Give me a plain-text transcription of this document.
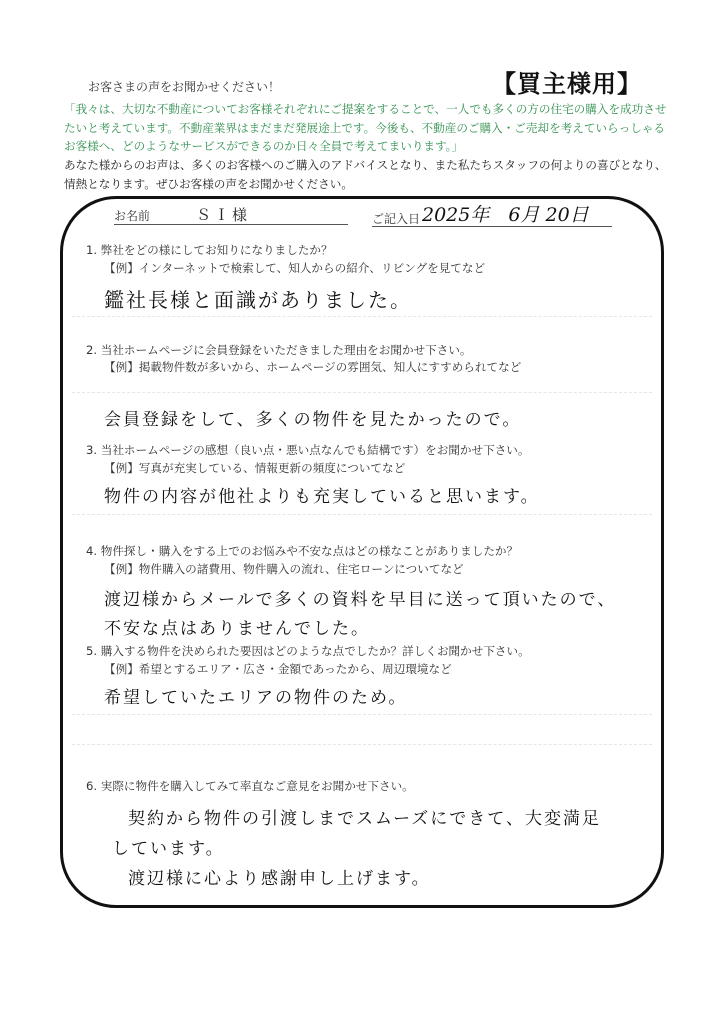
お客さまの声をお聞かせください！	【買主様用】

「我々は、大切な不動産についてお客様それぞれにご提案をすることで、一人でも多くの方の住宅の購入を成功させたいと考えています。不動産業界はまだまだ発展途上です。今後も、不動産のご購入・ご売却を考えていらっしゃるお客様へ、どのようなサービスができるのか日々全員で考えてまいります。」

あなた様からのお声は、多くのお客様へのご購入のアドバイスとなり、また私たちスタッフの何よりの喜びとなり、情熱となります。ぜひお客様の声をお聞かせください。

お名前	ＳＩ様	ご記入日 2025年　6月 20日
1. 弊社をどの様にしてお知りになりましたか？
【例】インターネットで検索して、知人からの紹介、リビングを見てなど
鑑社長様と面識がありました。
2. 当社ホームページに会員登録をいただきました理由をお聞かせ下さい。
【例】掲載物件数が多いから、ホームページの雰囲気、知人にすすめられてなど
会員登録をして、多くの物件を見たかったので。
3. 当社ホームページの感想（良い点・悪い点なんでも結構です）をお聞かせ下さい。
【例】写真が充実している、情報更新の頻度についてなど
物件の内容が他社よりも充実していると思います。
4. 物件探し・購入をする上でのお悩みや不安な点はどの様なことがありましたか？
【例】物件購入の諸費用、物件購入の流れ、住宅ローンについてなど
渡辺様からメールで多くの資料を早目に送って頂いたので、
不安な点はありませんでした。
5. 購入する物件を決められた要因はどのような点でしたか？詳しくお聞かせ下さい。
【例】希望とするエリア・広さ・金額であったから、周辺環境など
希望していたエリアの物件のため。
6. 実際に物件を購入してみて率直なご意見をお聞かせ下さい。
契約から物件の引渡しまでスムーズにできて、大変満足
しています。
渡辺様に心より感謝申し上げます。
